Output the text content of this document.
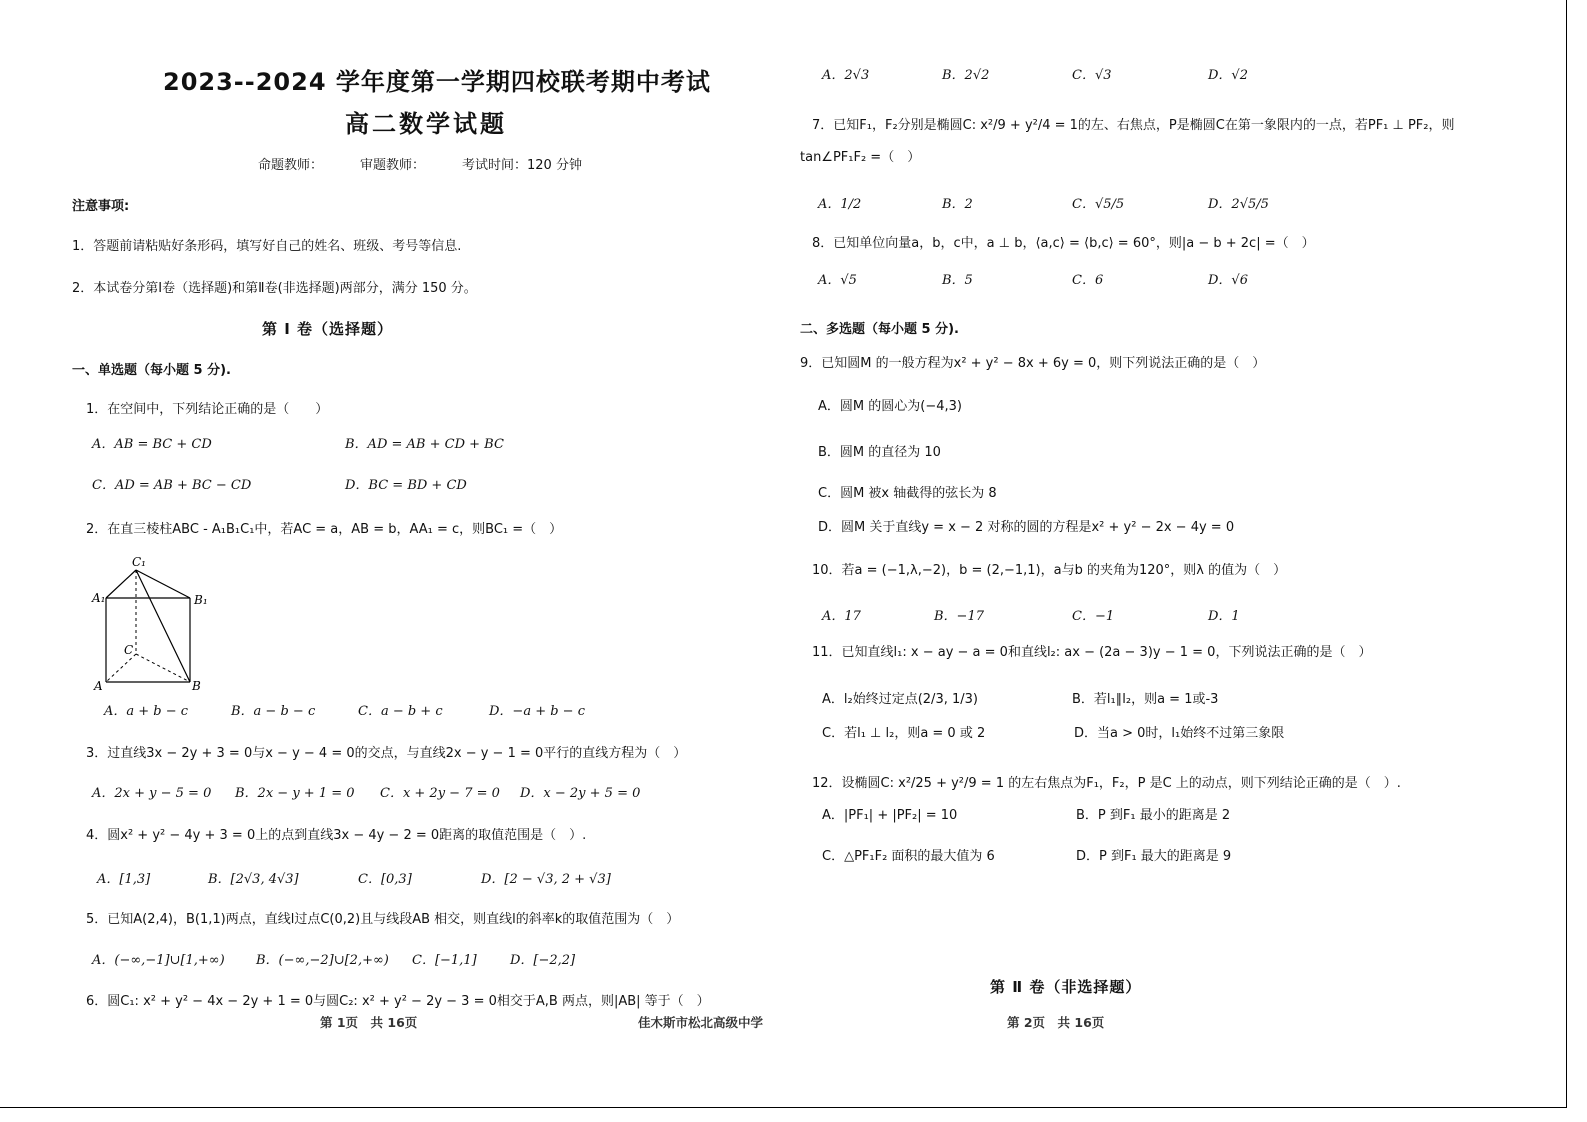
2023--2024 学年度第一学期四校联考期中考试
高二数学试题
命题教师：	审题教师：	考试时间：120 分钟
注意事项:
1．答题前请粘贴好条形码，填写好自己的姓名、班级、考号等信息.
2．本试卷分第Ⅰ卷（选择题)和第Ⅱ卷(非选择题)两部分，满分 150 分。
第 Ⅰ 卷（选择题）
一、单选题（每小题 5 分).
1．在空间中，下列结论正确的是（　　）
A．AB = BC + CD	B．AD = AB + CD + BC
C．AD = AB + BC − CD	D．BC = BD + CD
2．在直三棱柱ABC - A₁B₁C₁中，若AC = a，AB = b，AA₁ = c，则BC₁ =（　）
C₁
A₁	B₁
C
A	B
A．a + b − c	B．a − b − c	C．a − b + c	D．−a + b − c
3．过直线3x − 2y + 3 = 0与x − y − 4 = 0的交点，与直线2x − y − 1 = 0平行的直线方程为（　）
A．2x + y − 5 = 0 B．2x − y + 1 = 0 C．x + 2y − 7 = 0 D．x − 2y + 5 = 0
4．圆x² + y² − 4y + 3 = 0上的点到直线3x − 4y − 2 = 0距离的取值范围是（　）.
A．[1,3]	B．[2√3, 4√3]	C．[0,3]	D．[2 − √3, 2 + √3]
5．已知A(2,4)，B(1,1)两点，直线l过点C(0,2)且与线段AB 相交，则直线l的斜率k的取值范围为（　）
A．(−∞,−1]∪[1,+∞) B．(−∞,−2]∪[2,+∞) C．[−1,1]	D．[−2,2]
6．圆C₁: x² + y² − 4x − 2y + 1 = 0与圆C₂: x² + y² − 2y − 3 = 0相交于A,B 两点，则|AB| 等于（　）
A．2√3	B．2√2	C．√3	D．√2
7．已知F₁，F₂分别是椭圆C: x²/9 + y²/4 = 1的左、右焦点，P是椭圆C在第一象限内的一点，若PF₁ ⊥ PF₂，则
tan∠PF₁F₂ =（　）
A．1/2	B．2	C．√5/5	D．2√5/5
8．已知单位向量a，b，c中，a ⊥ b，⟨a,c⟩ = ⟨b,c⟩ = 60°，则|a − b + 2c| =（　）
A．√5	B．5	C．6	D．√6
二、多选题（每小题 5 分).
9．已知圆M 的一般方程为x² + y² − 8x + 6y = 0，则下列说法正确的是（　）
A．圆M 的圆心为(−4,3)
B．圆M 的直径为 10
C．圆M 被x 轴截得的弦长为 8
D．圆M 关于直线y = x − 2 对称的圆的方程是x² + y² − 2x − 4y = 0
10．若a = (−1,λ,−2)，b = (2,−1,1)，a与b 的夹角为120°，则λ 的值为（　）
A．17	B．−17	C．−1	D．1
11．已知直线l₁: x − ay − a = 0和直线l₂: ax − (2a − 3)y − 1 = 0，下列说法正确的是（　）
A．l₂始终过定点(2/3, 1/3)	B．若l₁∥l₂，则a = 1或-3
C．若l₁ ⊥ l₂，则a = 0 或 2	D．当a > 0时，l₁始终不过第三象限
12．设椭圆C: x²/25 + y²/9 = 1 的左右焦点为F₁，F₂，P 是C 上的动点，则下列结论正确的是（　）.
A．|PF₁| + |PF₂| = 10	B．P 到F₁ 最小的距离是 2
C．△PF₁F₂ 面积的最大值为 6	D．P 到F₁ 最大的距离是 9
第 Ⅱ 卷（非选择题）
第 1页　共 16页	佳木斯市松北高级中学	第 2页　共 16页
